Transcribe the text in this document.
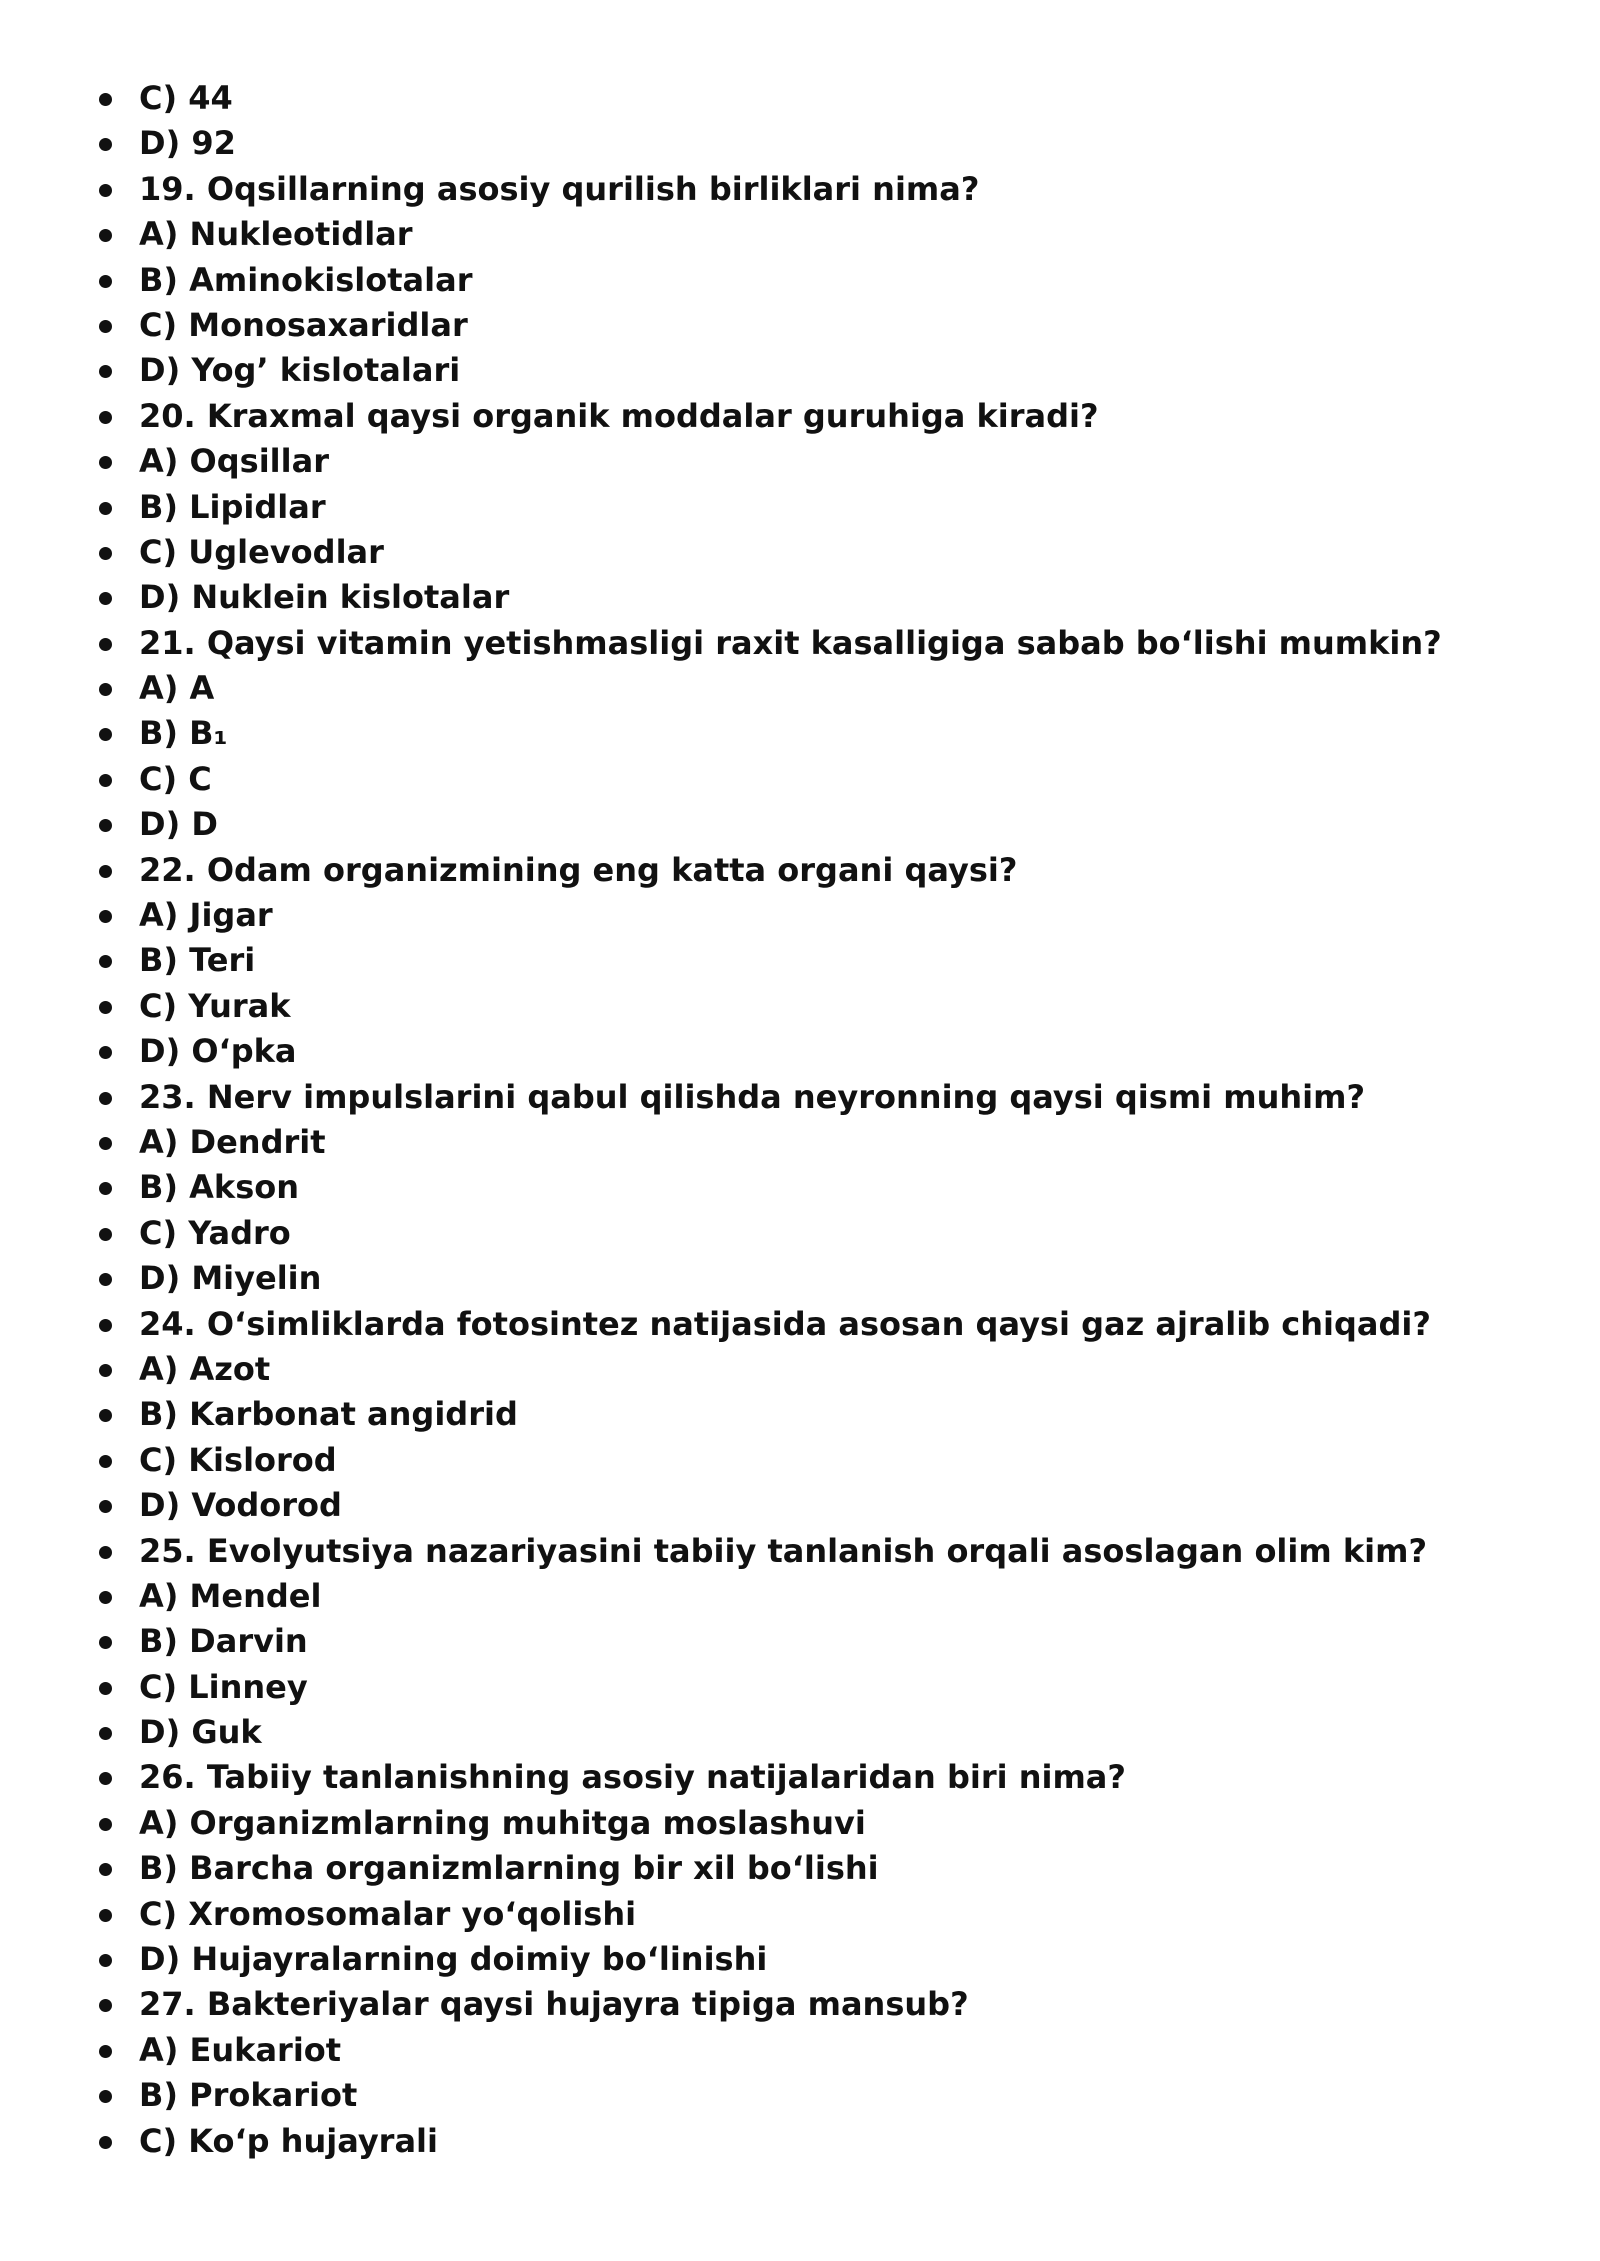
C) 44
D) 92
19. Oqsillarning asosiy qurilish birliklari nima?
A) Nukleotidlar
B) Aminokislotalar
C) Monosaxaridlar
D) Yog’ kislotalari
20. Kraxmal qaysi organik moddalar guruhiga kiradi?
A) Oqsillar
B) Lipidlar
C) Uglevodlar
D) Nuklein kislotalar
21. Qaysi vitamin yetishmasligi raxit kasalligiga sabab bo‘lishi mumkin?
A) A
B) B₁
C) C
D) D
22. Odam organizmining eng katta organi qaysi?
A) Jigar
B) Teri
C) Yurak
D) O‘pka
23. Nerv impulslarini qabul qilishda neyronning qaysi qismi muhim?
A) Dendrit
B) Akson
C) Yadro
D) Miyelin
24. O‘simliklarda fotosintez natijasida asosan qaysi gaz ajralib chiqadi?
A) Azot
B) Karbonat angidrid
C) Kislorod
D) Vodorod
25. Evolyutsiya nazariyasini tabiiy tanlanish orqali asoslagan olim kim?
A) Mendel
B) Darvin
C) Linney
D) Guk
26. Tabiiy tanlanishning asosiy natijalaridan biri nima?
A) Organizmlarning muhitga moslashuvi
B) Barcha organizmlarning bir xil bo‘lishi
C) Xromosomalar yo‘qolishi
D) Hujayralarning doimiy bo‘linishi
27. Bakteriyalar qaysi hujayra tipiga mansub?
A) Eukariot
B) Prokariot
C) Ko‘p hujayrali
